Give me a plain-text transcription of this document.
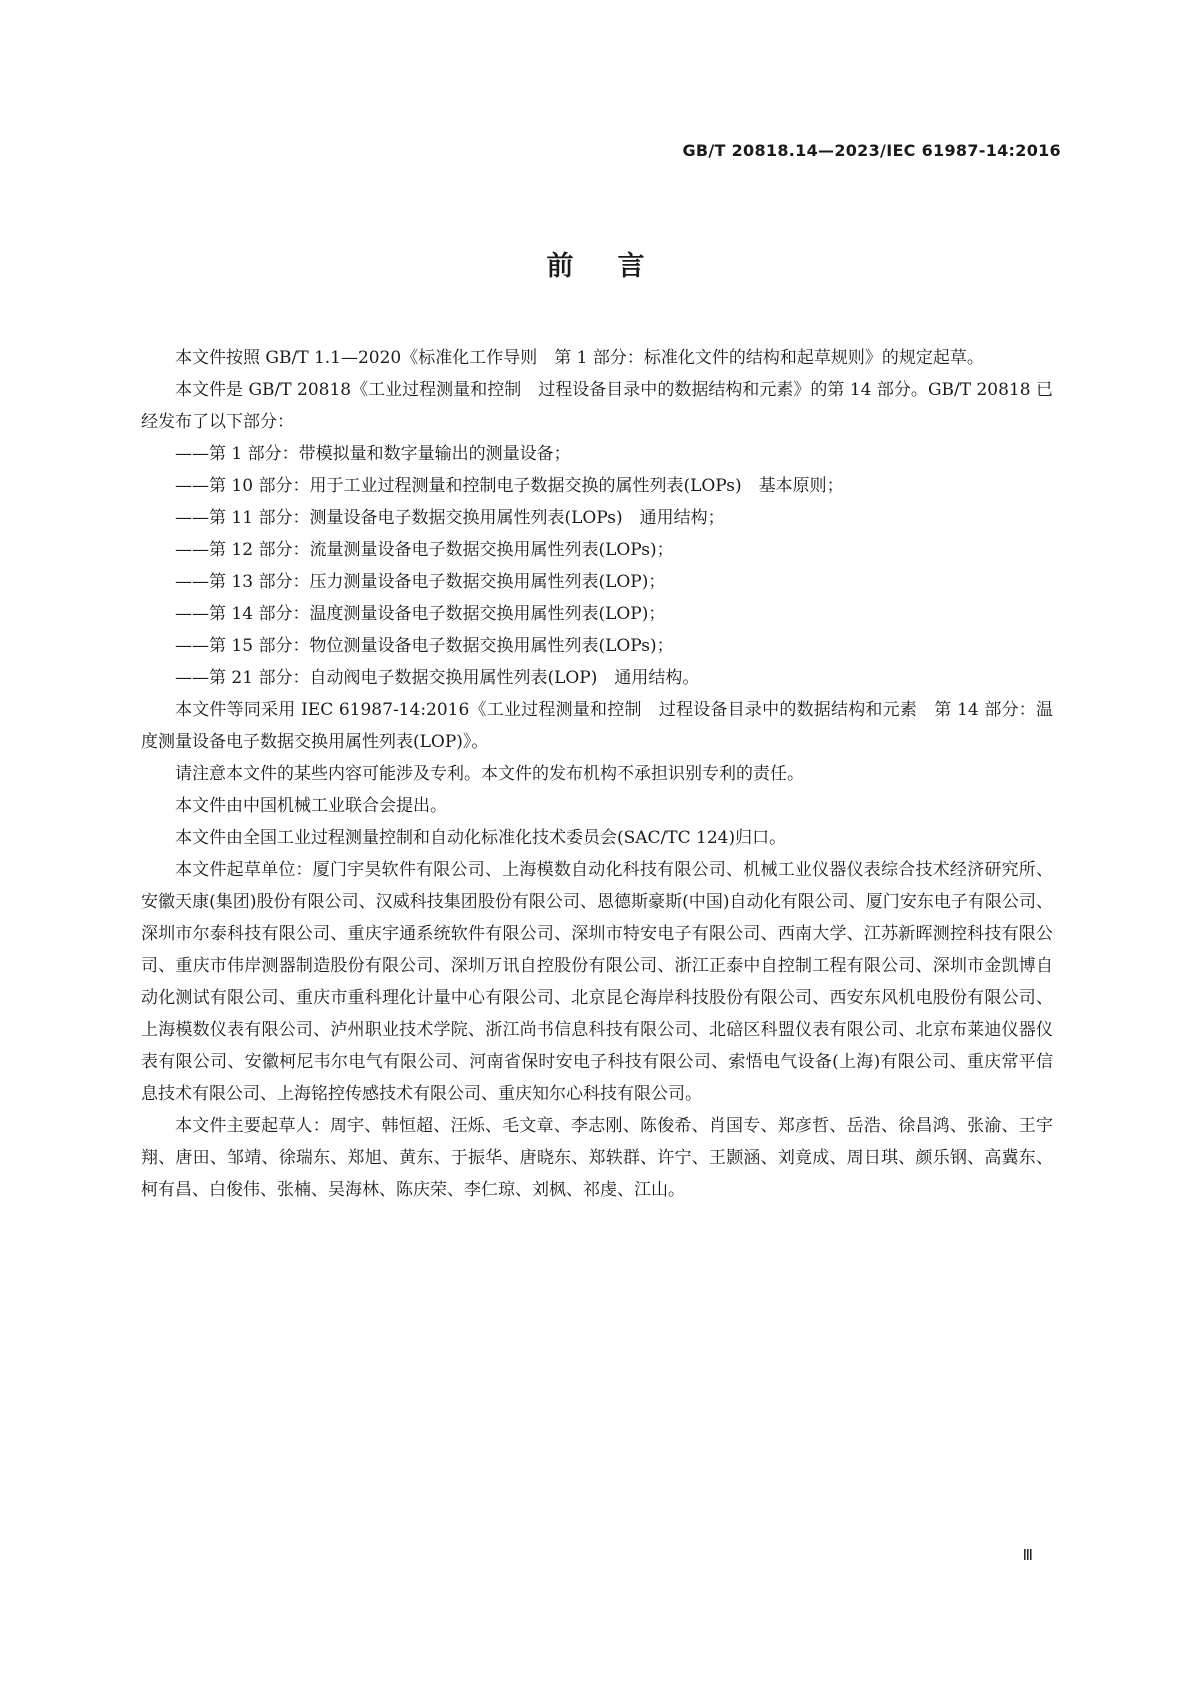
GB/T 20818.14—2023/IEC 61987-14:2016
前言

本文件按照 GB/T 1.1—2020《标准化工作导则　第 1 部分：标准化文件的结构和起草规则》的规定起草。

本文件是 GB/T 20818《工业过程测量和控制　过程设备目录中的数据结构和元素》的第 14 部分。GB/T 20818 已经发布了以下部分：

——第 1 部分：带模拟量和数字量输出的测量设备；
——第 10 部分：用于工业过程测量和控制电子数据交换的属性列表(LOPs)　基本原则；
——第 11 部分：测量设备电子数据交换用属性列表(LOPs)　通用结构；
——第 12 部分：流量测量设备电子数据交换用属性列表(LOPs)；
——第 13 部分：压力测量设备电子数据交换用属性列表(LOP)；
——第 14 部分：温度测量设备电子数据交换用属性列表(LOP)；
——第 15 部分：物位测量设备电子数据交换用属性列表(LOPs)；
——第 21 部分：自动阀电子数据交换用属性列表(LOP)　通用结构。

本文件等同采用 IEC 61987-14:2016《工业过程测量和控制　过程设备目录中的数据结构和元素　第 14 部分：温度测量设备电子数据交换用属性列表(LOP)》。

请注意本文件的某些内容可能涉及专利。本文件的发布机构不承担识别专利的责任。

本文件由中国机械工业联合会提出。

本文件由全国工业过程测量控制和自动化标准化技术委员会(SAC/TC 124)归口。

本文件起草单位：厦门宇昊软件有限公司、上海模数自动化科技有限公司、机械工业仪器仪表综合技术经济研究所、安徽天康(集团)股份有限公司、汉威科技集团股份有限公司、恩德斯豪斯(中国)自动化有限公司、厦门安东电子有限公司、深圳市尔泰科技有限公司、重庆宇通系统软件有限公司、深圳市特安电子有限公司、西南大学、江苏新晖测控科技有限公司、重庆市伟岸测器制造股份有限公司、深圳万讯自控股份有限公司、浙江正泰中自控制工程有限公司、深圳市金凯博自动化测试有限公司、重庆市重科理化计量中心有限公司、北京昆仑海岸科技股份有限公司、西安东风机电股份有限公司、上海模数仪表有限公司、泸州职业技术学院、浙江尚书信息科技有限公司、北碚区科盟仪表有限公司、北京布莱迪仪器仪表有限公司、安徽柯尼韦尔电气有限公司、河南省保时安电子科技有限公司、索悟电气设备(上海)有限公司、重庆常平信息技术有限公司、上海铭控传感技术有限公司、重庆知尔心科技有限公司。

本文件主要起草人：周宇、韩恒超、汪烁、毛文章、李志刚、陈俊希、肖国专、郑彦哲、岳浩、徐昌鸿、张渝、王宇翔、唐田、邹靖、徐瑞东、郑旭、黄东、于振华、唐晓东、郑轶群、许宁、王颢涵、刘竟成、周日琪、颜乐钢、高冀东、柯有昌、白俊伟、张楠、吴海林、陈庆荣、李仁琼、刘枫、祁虔、江山。

Ⅲ
